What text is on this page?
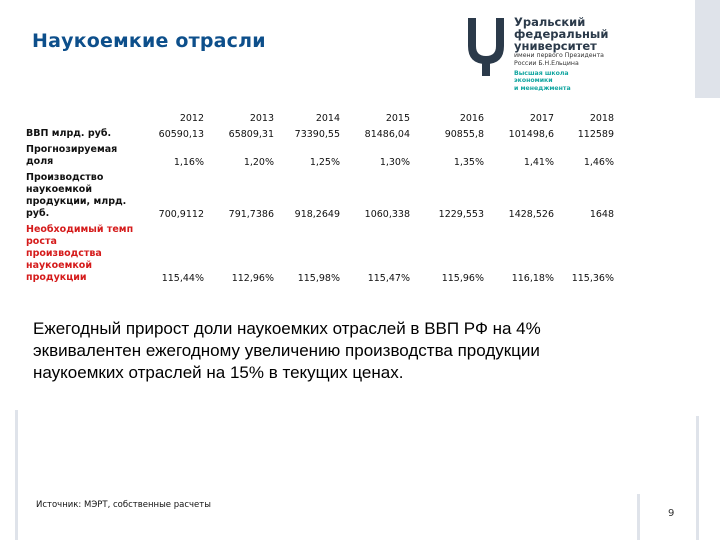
Наукоемкие отрасли
Уральский
федеральный
университет
имени первого Президента
России Б.Н.Ельцина
Высшая школа
экономики
и менеджмента
	2012	2013	2014	2015	2016	2017	2018
ВВП млрд. руб.	60590,13	65809,31	73390,55	81486,04	90855,8	101498,6	112589
Прогнозируемая доля	1,16%	1,20%	1,25%	1,30%	1,35%	1,41%	1,46%
Производство наукоемкой продукции, млрд. руб.	700,9112	791,7386	918,2649	1060,338	1229,553	1428,526	1648
Необходимый темп роста производства наукоемкой продукции	115,44%	112,96%	115,98%	115,47%	115,96%	116,18%	115,36%
Ежегодный прирост доли наукоемких отраслей в ВВП РФ на 4% эквивалентен ежегодному увеличению производства продукции наукоемких отраслей на 15% в текущих ценах.
Источник: МЭРТ, собственные расчеты
9
